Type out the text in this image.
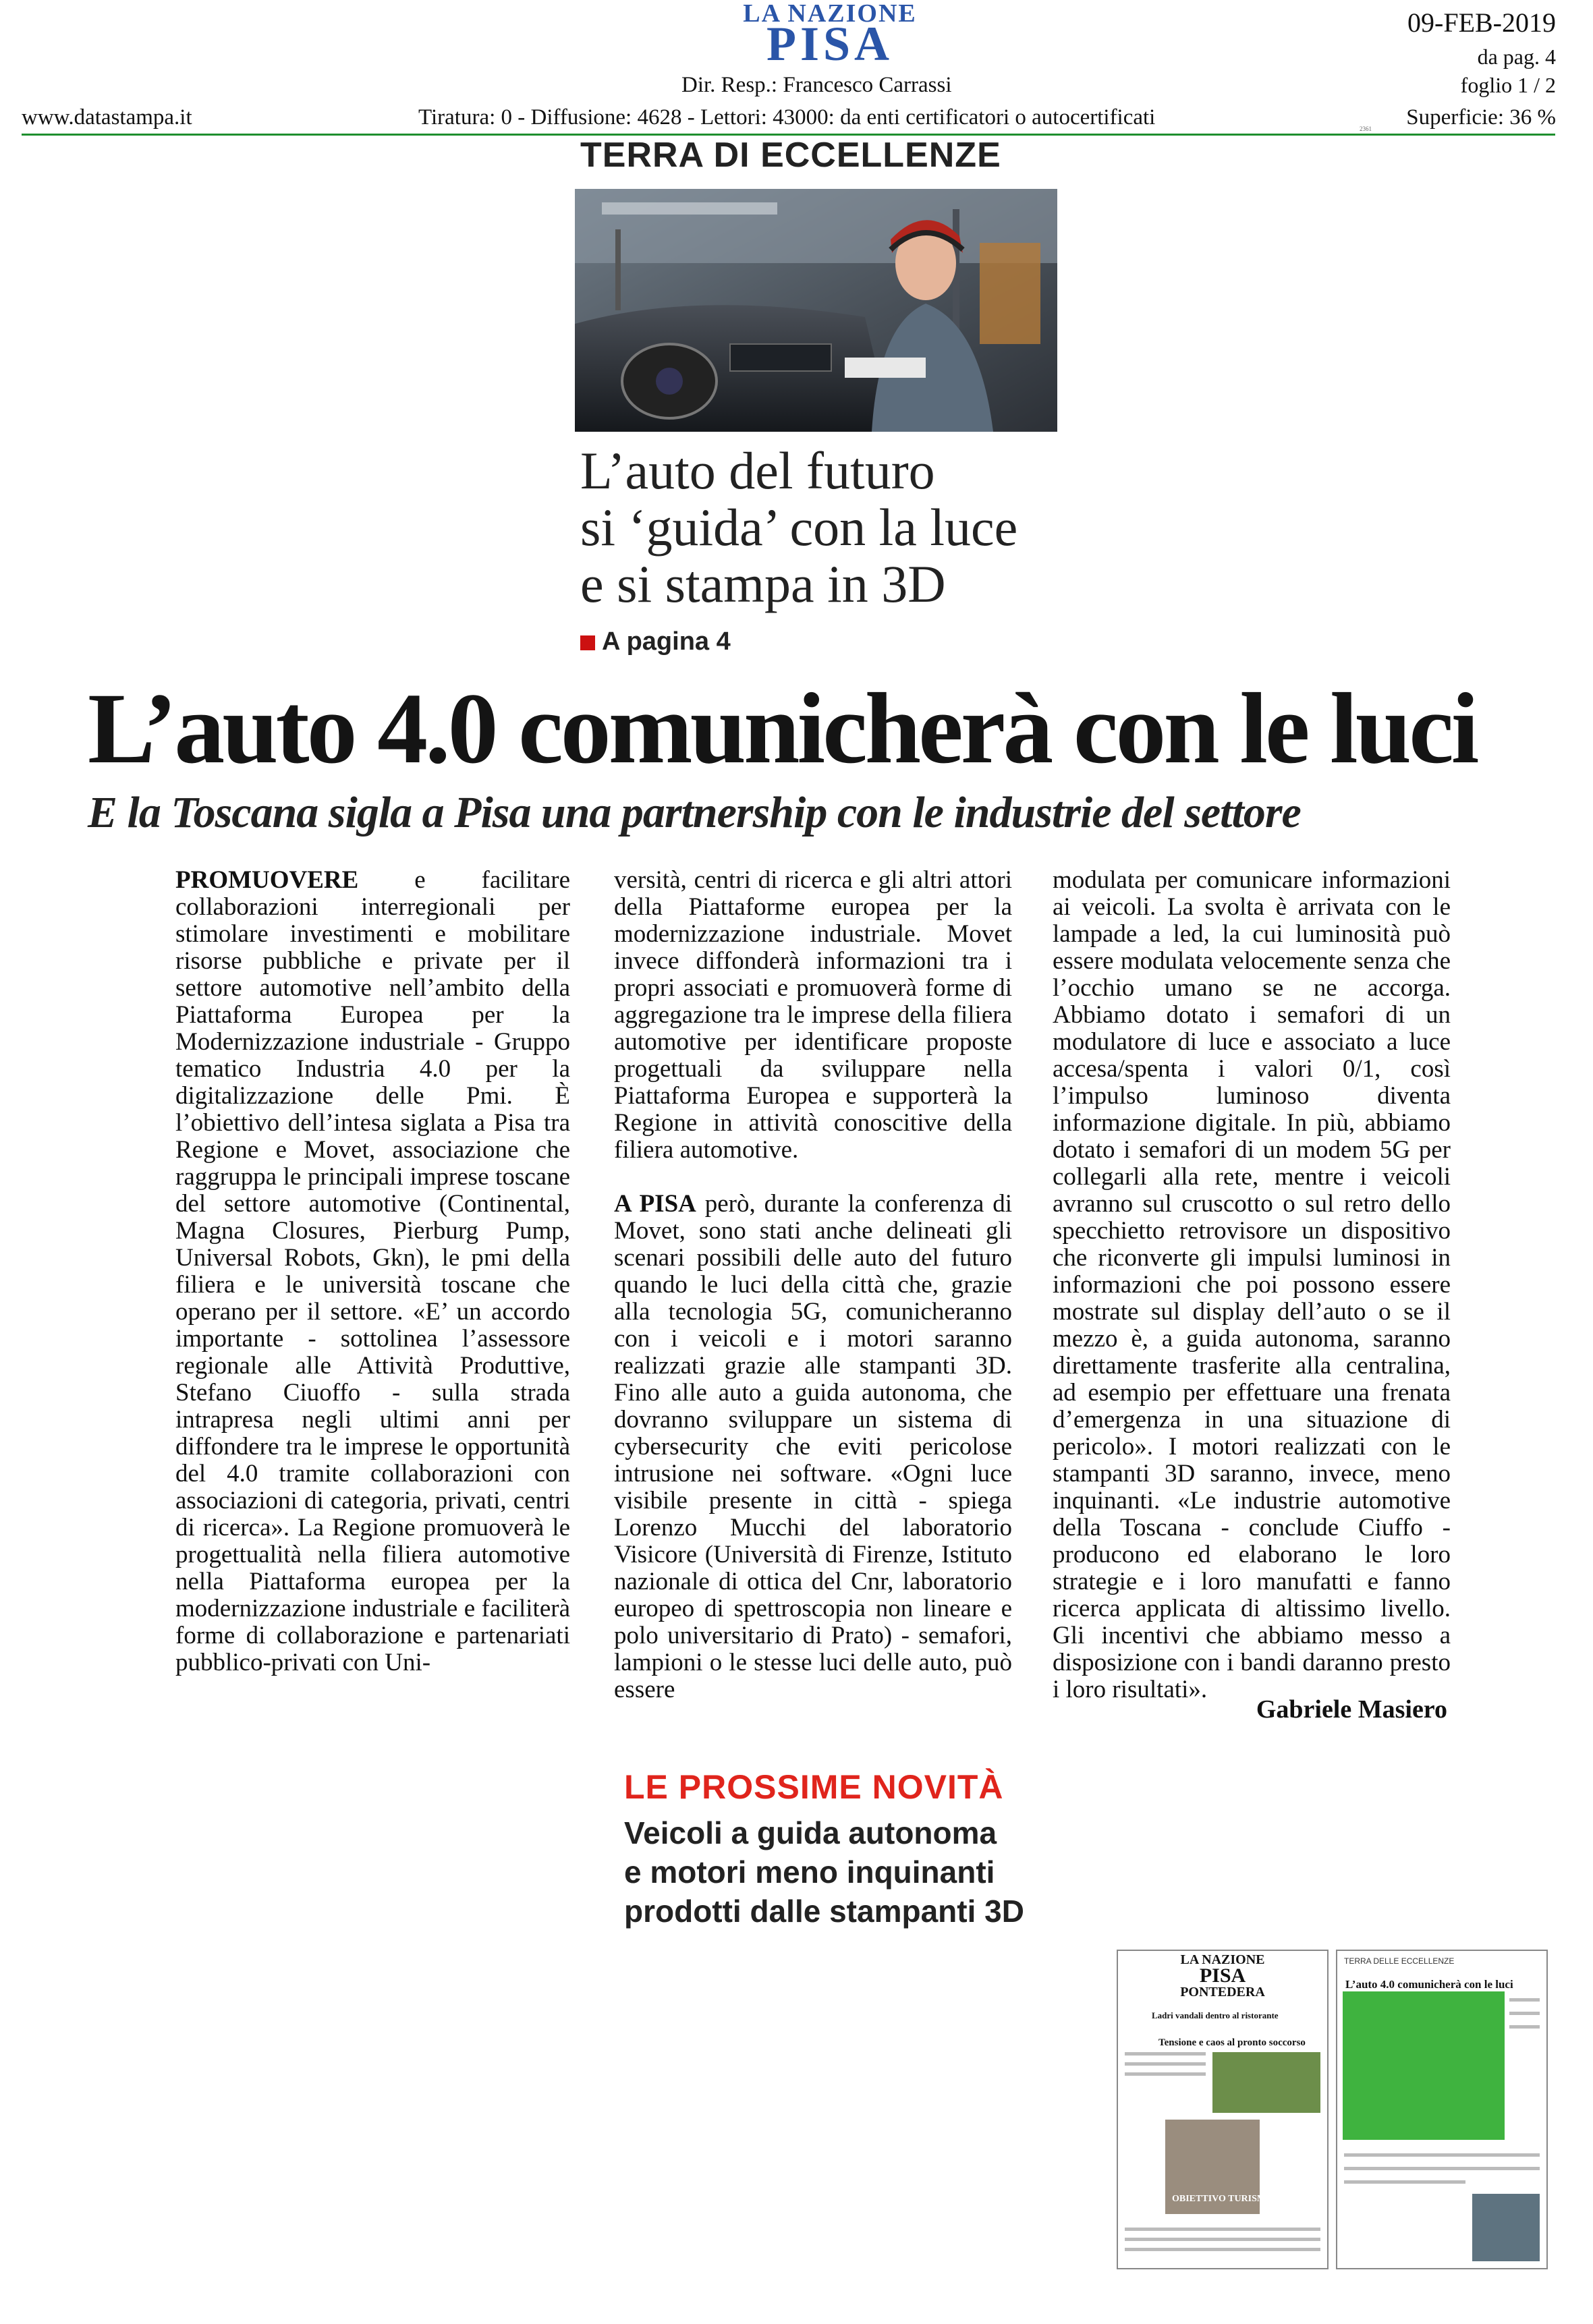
LA NAZIONE
PISA	09-FEB-2019
da pag. 4
foglio 1 / 2
Dir. Resp.: Francesco Carrassi
www.datastampa.it	Tiratura: 0 - Diffusione: 4628 - Lettori: 43000: da enti certificatori o autocertificati	Superficie: 36 %
2361
TERRA DI ECCELLENZE
L’auto del futuro
si ‘guida’ con la luce
e si stampa in 3D
A pagina 4
L’auto 4.0 comunicherà con le luci
E la Toscana sigla a Pisa una partnership con le industrie del settore

PROMUOVERE e facilitare collaborazioni interregionali per stimolare investimenti e mobilitare risorse pubbliche e private per il settore automotive nell’ambito della Piattaforma Europea per la Modernizzazione industriale - Gruppo tematico Industria 4.0 per la digitalizzazione delle Pmi. È l’obiettivo dell’intesa siglata a Pisa tra Regione e Movet, associazione che raggruppa le principali imprese toscane del settore automotive (Continental, Magna Closures, Pierburg Pump, Universal Robots, Gkn), le pmi della filiera e le università toscane che operano per il settore. «E’ un accordo importante - sottolinea l’assessore regionale alle Attività Produttive, Stefano Ciuoffo - sulla strada intrapresa negli ultimi anni per diffondere tra le imprese le opportunità del 4.0 tramite collaborazioni con associazioni di categoria, privati, centri di ricerca». La Regione promuoverà le progettualità nella filiera automotive nella Piattaforma europea per la modernizzazione industriale e faciliterà forme di collaborazione e partenariati pubblico-privati con Uni-

versità, centri di ricerca e gli altri attori della Piattaforme europea per la modernizzazione industriale. Movet invece diffonderà informazioni tra i propri associati e promuoverà forme di aggregazione tra le imprese della filiera automotive per identificare proposte progettuali da sviluppare nella Piattaforma Europea e supporterà la Regione in attività conoscitive della filiera automotive.

A PISA però, durante la conferenza di Movet, sono stati anche delineati gli scenari possibili delle auto del futuro quando le luci della città che, grazie alla tecnologia 5G, comunicheranno con i veicoli e i motori saranno realizzati grazie alle stampanti 3D. Fino alle auto a guida autonoma, che dovranno sviluppare un sistema di cybersecurity che eviti pericolose intrusione nei software. «Ogni luce visibile presente in città - spiega Lorenzo Mucchi del laboratorio Visicore (Università di Firenze, Istituto nazionale di ottica del Cnr, laboratorio europeo di spettroscopia non lineare e polo universitario di Prato) - semafori, lampioni o le stesse luci delle auto, può essere

modulata per comunicare informazioni ai veicoli. La svolta è arrivata con le lampade a led, la cui luminosità può essere modulata velocemente senza che l’occhio umano se ne accorga. Abbiamo dotato i semafori di un modulatore di luce e associato a luce accesa/spenta i valori 0/1, così l’impulso luminoso diventa informazione digitale. In più, abbiamo dotato i semafori di un modem 5G per collegarli alla rete, mentre i veicoli avranno sul cruscotto o sul retro dello specchietto retrovisore un dispositivo che riconverte gli impulsi luminosi in informazioni che poi possono essere mostrate sul display dell’auto o se il mezzo è, a guida autonoma, saranno direttamente trasferite alla centralina, ad esempio per effettuare una frenata d’emergenza in una situazione di pericolo». I motori realizzati con le stampanti 3D saranno, invece, meno inquinanti. «Le industrie automotive della Toscana - conclude Ciuffo - producono ed elaborano le loro strategie e i loro manufatti e fanno ricerca applicata di altissimo livello. Gli incentivi che abbiamo messo a disposizione con i bandi daranno presto i loro risultati».

Gabriele Masiero
LE PROSSIME NOVITÀ
Veicoli a guida autonoma
e motori meno inquinanti
prodotti dalle stampanti 3D
LA NAZIONE
PISA
PONTEDERA
Ladri vandali dentro al ristorante
Tensione e caos al pronto soccorso
OBIETTIVO TURISMO
TERRA DELLE ECCELLENZE
L’auto 4.0 comunicherà con le luci
